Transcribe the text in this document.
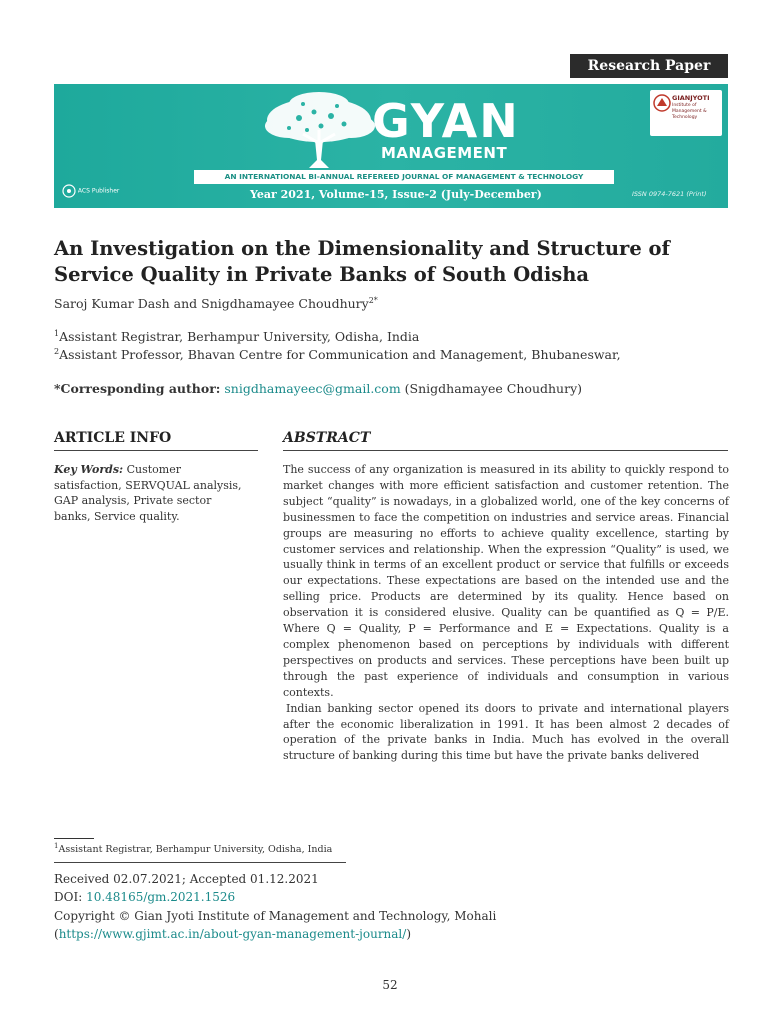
Research Paper
GYAN
MANAGEMENT
GIANJYOTI
Institute of Management & Technology
AN INTERNATIONAL BI-ANNUAL REFEREED JOURNAL OF MANAGEMENT & TECHNOLOGY
Year 2021, Volume-15, Issue-2 (July-December)	ISSN 0974-7621 (Print)
ACS Publisher
An Investigation on the Dimensionality and Structure of
Service Quality in Private Banks of South Odisha
Saroj Kumar Dash and Snigdhamayee Choudhury$^{2*}$
$^1$Assistant Registrar, Berhampur University, Odisha, India
$^2$Assistant Professor, Bhavan Centre for Communication and Management, Bhubaneswar,
*Corresponding author: snigdhamayeec@gmail.com (Snigdhamayee Choudhury)
ARTICLE INFO	ABSTRACT
Key Words: Customer satisfaction, SERVQUAL analysis, GAP analysis, Private sector banks, Service quality.

The success of any organization is measured in its ability to quickly respond to market changes with more efficient satisfaction and customer retention. The subject “quality” is nowadays, in a globalized world, one of the key concerns of businessmen to face the competition on industries and service areas. Financial groups are measuring no efforts to achieve quality excellence, starting by customer services and relationship. When the expression “Quality” is used, we usually think in terms of an excellent product or service that fulfills or exceeds our expectations. These expectations are based on the intended use and the selling price. Products are determined by its quality. Hence based on observation it is considered elusive. Quality can be quantified as Q = P/E. Where Q = Quality, P = Performance and E = Expectations. Quality is a complex phenomenon based on perceptions by individuals with different perspectives on products and services. These perceptions have been built up through the past experience of individuals and consumption in various contexts.

Indian banking sector opened its doors to private and international players after the economic liberalization in 1991. It has been almost 2 decades of operation of the private banks in India. Much has evolved in the overall structure of banking during this time but have the private banks delivered

$^1$Assistant Registrar, Berhampur University, Odisha, India
Received 02.07.2021; Accepted 01.12.2021
DOI: 10.48165/gm.2021.1526
Copyright © Gian Jyoti Institute of Management and Technology, Mohali
(https://www.gjimt.ac.in/about-gyan-management-journal/)
52
